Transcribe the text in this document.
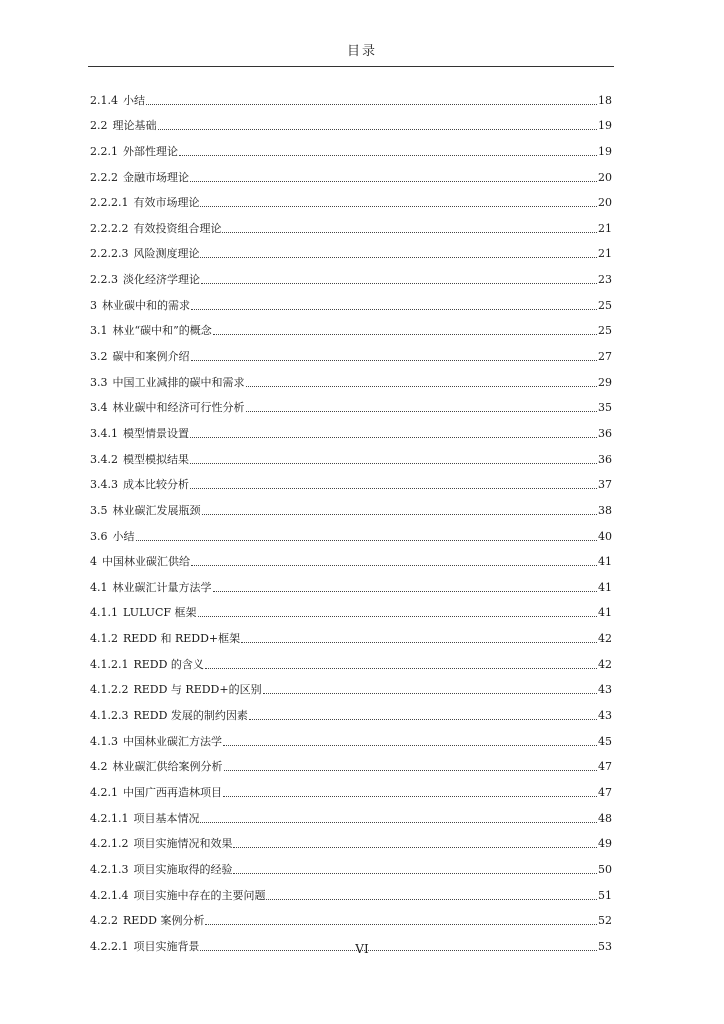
目录
2.1.4 小结	18
2.2 理论基础	19
2.2.1 外部性理论	19
2.2.2 金融市场理论	20
2.2.2.1 有效市场理论	20
2.2.2.2 有效投资组合理论	21
2.2.2.3 风险测度理论	21
2.2.3 淡化经济学理论	23
3 林业碳中和的需求	25
3.1 林业“碳中和”的概念	25
3.2 碳中和案例介绍	27
3.3 中国工业减排的碳中和需求	29
3.4 林业碳中和经济可行性分析	35
3.4.1 模型情景设置	36
3.4.2 模型模拟结果	36
3.4.3 成本比较分析	37
3.5 林业碳汇发展瓶颈	38
3.6 小结	40
4 中国林业碳汇供给	41
4.1 林业碳汇计量方法学	41
4.1.1 LULUCF 框架	41
4.1.2 REDD 和 REDD+框架	42
4.1.2.1 REDD 的含义	42
4.1.2.2 REDD 与 REDD+的区别	43
4.1.2.3 REDD 发展的制约因素	43
4.1.3 中国林业碳汇方法学	45
4.2 林业碳汇供给案例分析	47
4.2.1 中国广西再造林项目	47
4.2.1.1 项目基本情况	48
4.2.1.2 项目实施情况和效果	49
4.2.1.3 项目实施取得的经验	50
4.2.1.4 项目实施中存在的主要问题	51
4.2.2 REDD 案例分析	52
4.2.2.1 项目实施背景	53
VI
